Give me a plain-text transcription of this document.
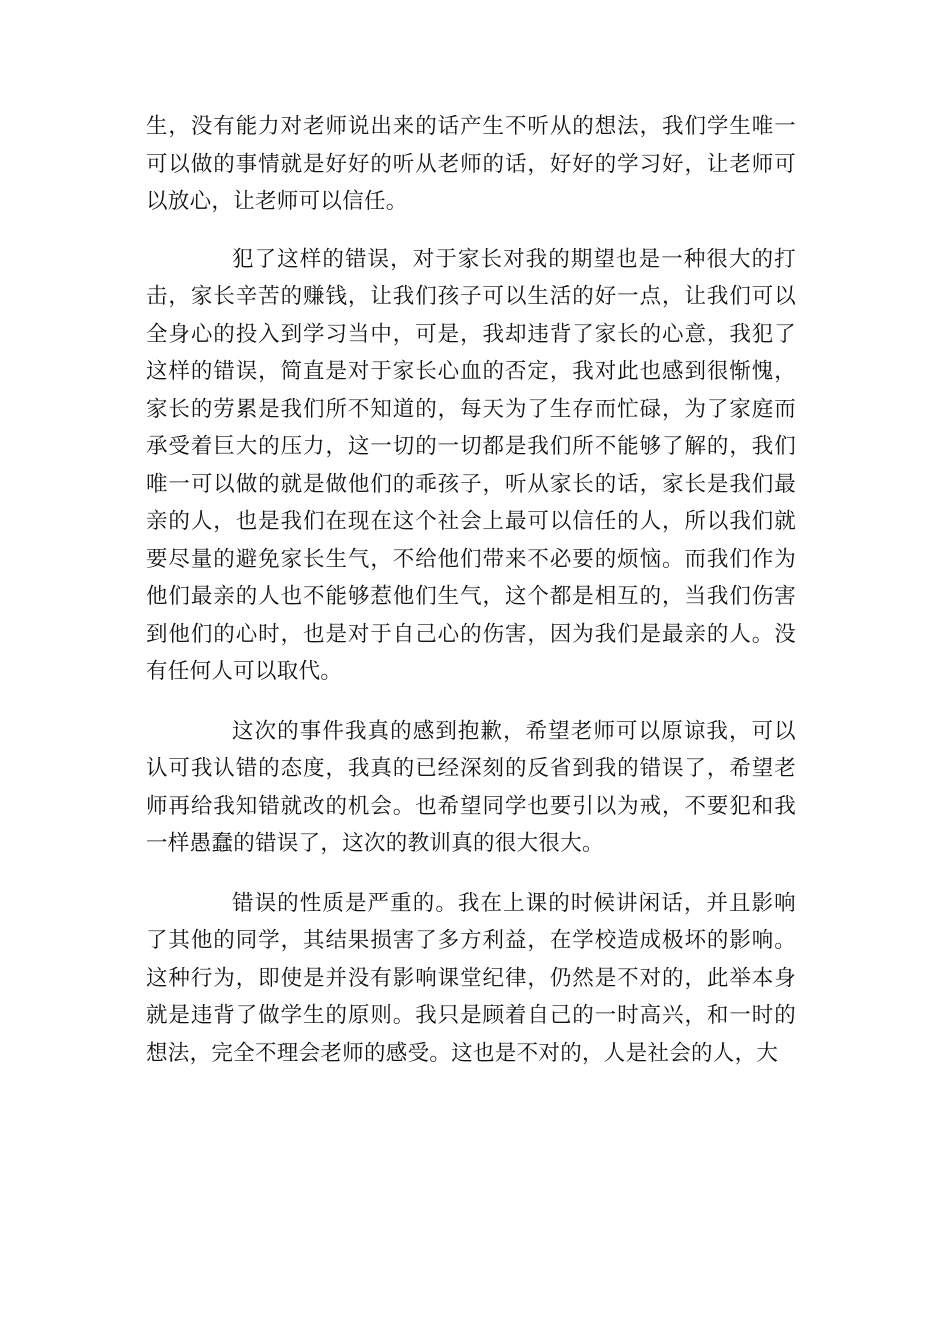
生，没有能力对老师说出来的话产生不听从的想法，我们学生唯一可以做的事情就是好好的听从老师的话，好好的学习好，让老师可以放心，让老师可以信任。

犯了这样的错误，对于家长对我的期望也是一种很大的打击，家长辛苦的赚钱，让我们孩子可以生活的好一点，让我们可以全身心的投入到学习当中，可是，我却违背了家长的心意，我犯了这样的错误，简直是对于家长心血的否定，我对此也感到很惭愧，家长的劳累是我们所不知道的，每天为了生存而忙碌，为了家庭而承受着巨大的压力，这一切的一切都是我们所不能够了解的，我们唯一可以做的就是做他们的乖孩子，听从家长的话，家长是我们最亲的人，也是我们在现在这个社会上最可以信任的人，所以我们就要尽量的避免家长生气，不给他们带来不必要的烦恼。而我们作为他们最亲的人也不能够惹他们生气，这个都是相互的，当我们伤害到他们的心时，也是对于自己心的伤害，因为我们是最亲的人。没有任何人可以取代。

这次的事件我真的感到抱歉，希望老师可以原谅我，可以认可我认错的态度，我真的已经深刻的反省到我的错误了，希望老师再给我知错就改的机会。也希望同学也要引以为戒，不要犯和我一样愚蠢的错误了，这次的教训真的很大很大。

错误的性质是严重的。我在上课的时候讲闲话，并且影响了其他的同学，其结果损害了多方利益，在学校造成极坏的影响。这种行为，即使是并没有影响课堂纪律，仍然是不对的，此举本身就是违背了做学生的原则。我只是顾着自己的一时高兴，和一时的想法，完全不理会老师的感受。这也是不对的，人是社会的人，大
